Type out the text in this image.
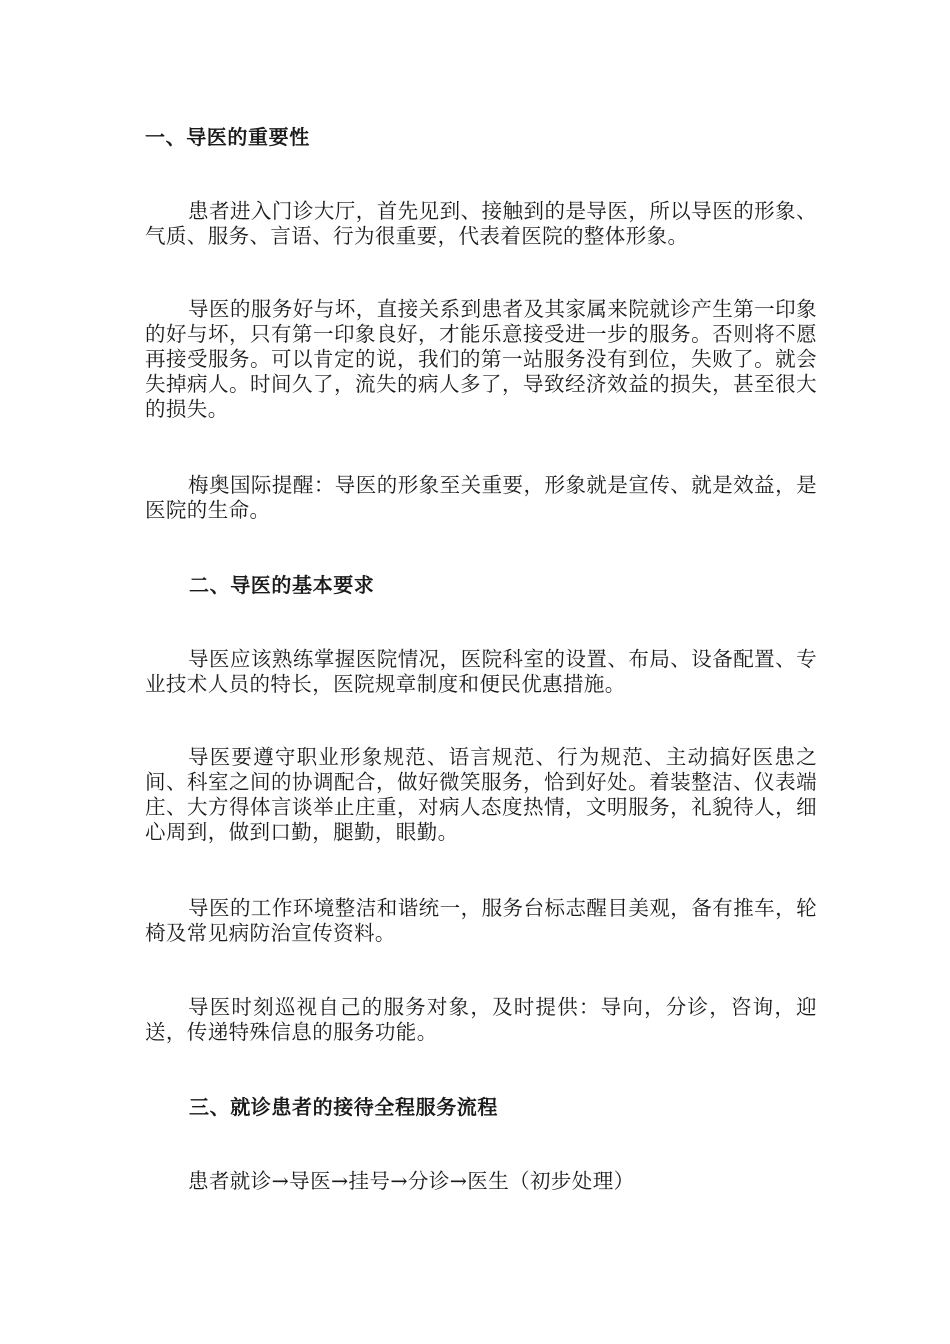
一、导医的重要性

患者进入门诊大厅，首先见到、接触到的是导医，所以导医的形象、气质、服务、言语、行为很重要，代表着医院的整体形象。

导医的服务好与坏，直接关系到患者及其家属来院就诊产生第一印象的好与坏，只有第一印象良好，才能乐意接受进一步的服务。否则将不愿再接受服务。可以肯定的说，我们的第一站服务没有到位，失败了。就会失掉病人。时间久了，流失的病人多了，导致经济效益的损失，甚至很大的损失。

梅奥国际提醒：导医的形象至关重要，形象就是宣传、就是效益，是医院的生命。

二、导医的基本要求

导医应该熟练掌握医院情况，医院科室的设置、布局、设备配置、专业技术人员的特长，医院规章制度和便民优惠措施。

导医要遵守职业形象规范、语言规范、行为规范、主动搞好医患之间、科室之间的协调配合，做好微笑服务，恰到好处。着装整洁、仪表端庄、大方得体言谈举止庄重，对病人态度热情，文明服务，礼貌待人，细心周到，做到口勤，腿勤，眼勤。

导医的工作环境整洁和谐统一，服务台标志醒目美观，备有推车，轮椅及常见病防治宣传资料。

导医时刻巡视自己的服务对象，及时提供：导向，分诊，咨询，迎送，传递特殊信息的服务功能。

三、就诊患者的接待全程服务流程

患者就诊→导医→挂号→分诊→医生（初步处理）
